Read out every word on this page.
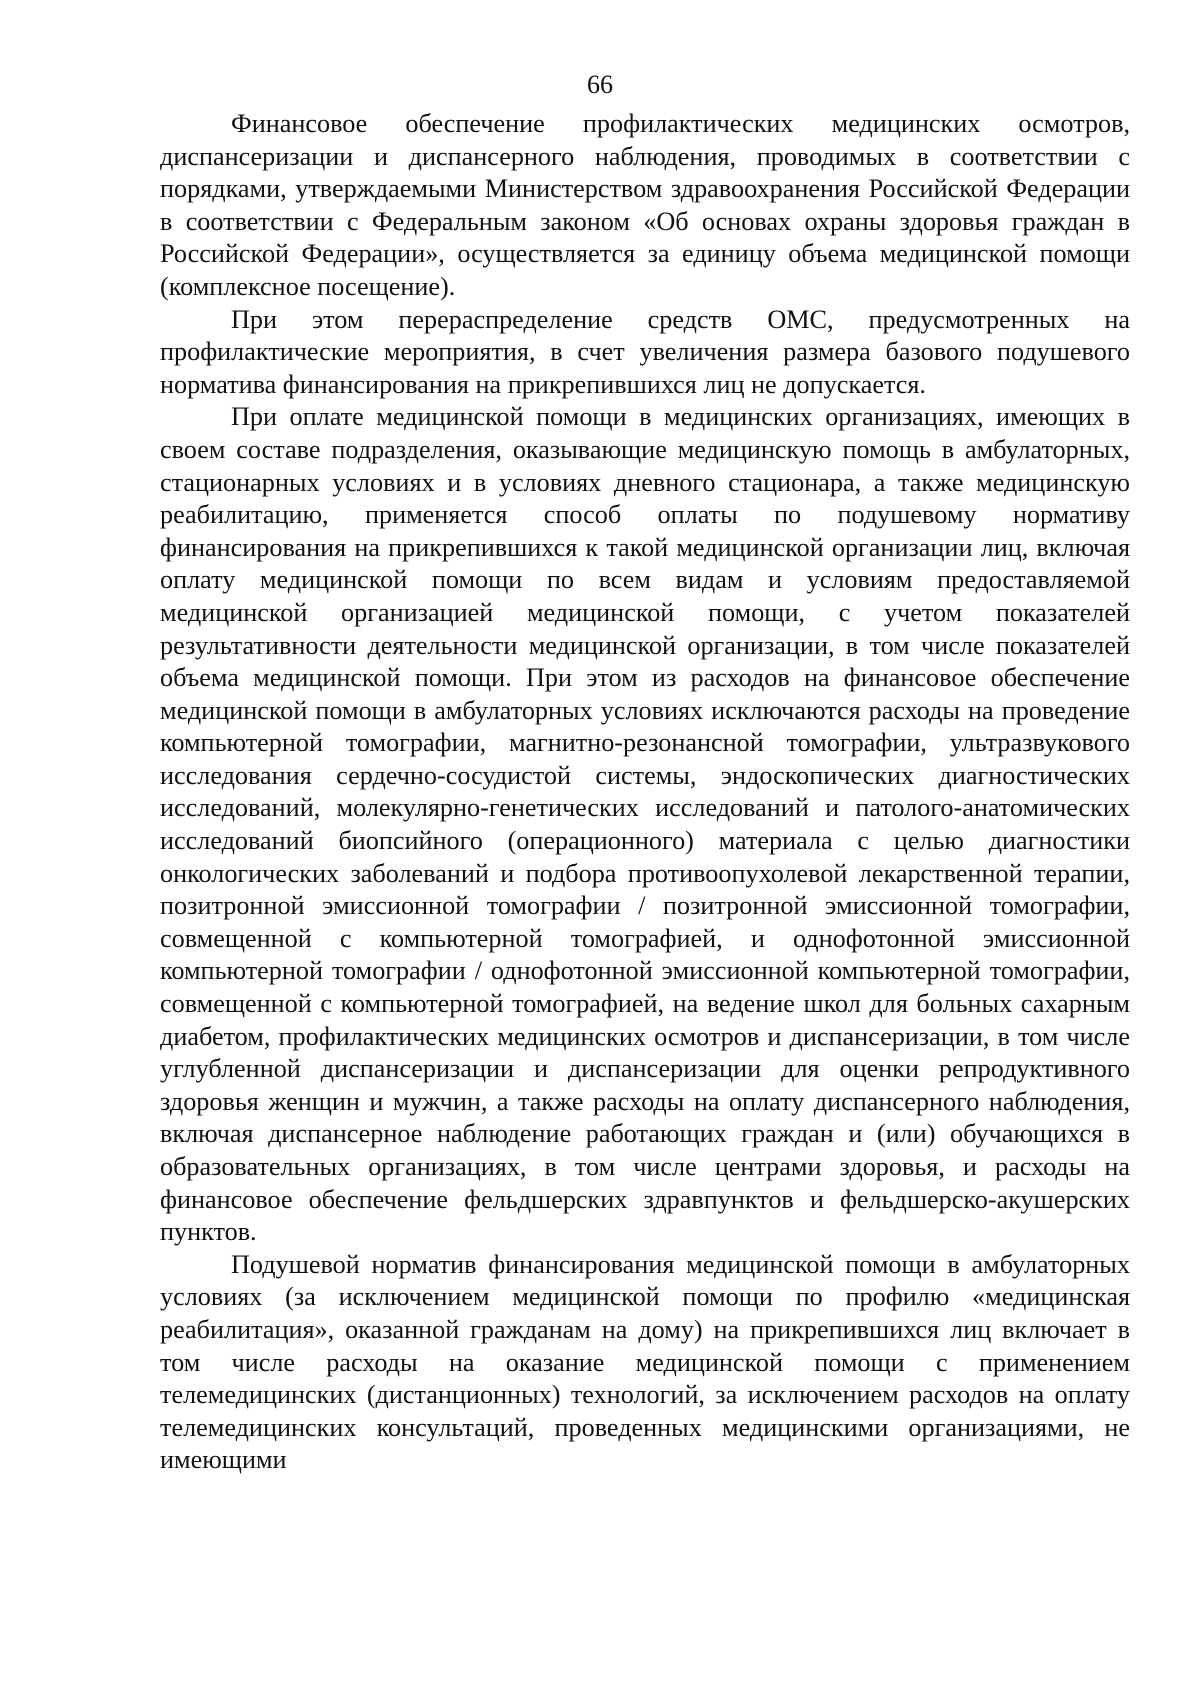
66

Финансовое обеспечение профилактических медицинских осмотров, диспансеризации и диспансерного наблюдения, проводимых в соответствии с порядками, утверждаемыми Министерством здравоохранения Российской Федерации в соответствии с Федеральным законом «Об основах охраны здоровья граждан в Российской Федерации», осуществляется за единицу объема медицинской помощи (комплексное посещение).

При этом перераспределение средств ОМС, предусмотренных на профилактические мероприятия, в счет увеличения размера базового подушевого норматива финансирования на прикрепившихся лиц не допускается.

При оплате медицинской помощи в медицинских организациях, имеющих в своем составе подразделения, оказывающие медицинскую помощь в амбулаторных, стационарных условиях и в условиях дневного стационара, а также медицинскую реабилитацию, применяется способ оплаты по подушевому нормативу финансирования на прикрепившихся к такой медицинской организации лиц, включая оплату медицинской помощи по всем видам и условиям предоставляемой медицинской организацией медицинской помощи, с учетом показателей результативности деятельности медицинской организации, в том числе показателей объема медицинской помощи. При этом из расходов на финансовое обеспечение медицинской помощи в амбулаторных условиях исключаются расходы на проведение компьютерной томографии, магнитно-резонансной томографии, ультразвукового исследования сердечно-сосудистой системы, эндоскопических диагностических исследований, молекулярно-генетических исследований и патолого-анатомических исследований биопсийного (операционного) материала с целью диагностики онкологических заболеваний и подбора противоопухолевой лекарственной терапии, позитронной эмиссионной томографии / позитронной эмиссионной томографии, совмещенной с компьютерной томографией, и однофотонной эмиссионной компьютерной томографии / однофотонной эмиссионной компьютерной томографии, совмещенной с компьютерной томографией, на ведение школ для больных сахарным диабетом, профилактических медицинских осмотров и диспансеризации, в том числе углубленной диспансеризации и диспансеризации для оценки репродуктивного здоровья женщин и мужчин, а также расходы на оплату диспансерного наблюдения, включая диспансерное наблюдение работающих граждан и (или) обучающихся в образовательных организациях, в том числе центрами здоровья, и расходы на финансовое обеспечение фельдшерских здравпунктов и фельдшерско-акушерских пунктов.

Подушевой норматив финансирования медицинской помощи в амбулаторных условиях (за исключением медицинской помощи по профилю «медицинская реабилитация», оказанной гражданам на дому) на прикрепившихся лиц включает в том числе расходы на оказание медицинской помощи с применением телемедицинских (дистанционных) технологий, за исключением расходов на оплату телемедицинских консультаций, проведенных медицинскими организациями, не имеющими
